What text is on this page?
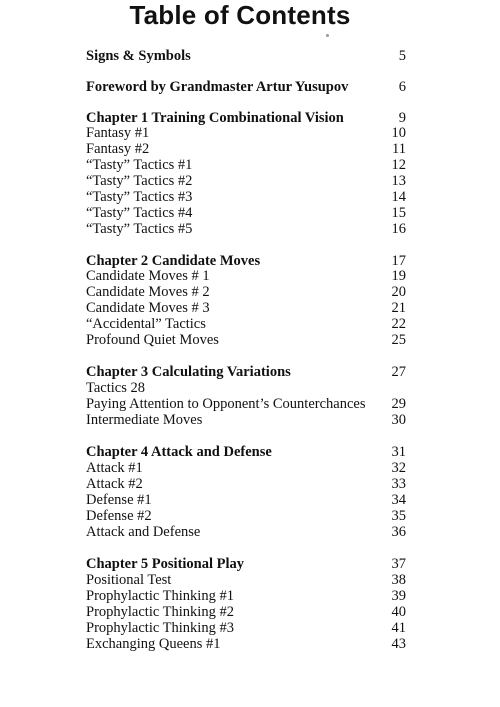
Table of Contents
Signs & Symbols	5
Foreword by Grandmaster Artur Yusupov	6
Chapter 1 Training Combinational Vision	9
Fantasy #1	10
Fantasy #2	11
“Tasty” Tactics #1	12
“Tasty” Tactics #2	13
“Tasty” Tactics #3	14
“Tasty” Tactics #4	15
“Tasty” Tactics #5	16
Chapter 2 Candidate Moves	17
Candidate Moves # 1	19
Candidate Moves # 2	20
Candidate Moves # 3	21
“Accidental” Tactics	22
Profound Quiet Moves	25
Chapter 3 Calculating Variations	27
Tactics 28
Paying Attention to Opponent’s Counterchances 29
Intermediate Moves	30
Chapter 4 Attack and Defense	31
Attack #1	32
Attack #2	33
Defense #1	34
Defense #2	35
Attack and Defense	36
Chapter 5 Positional Play	37
Positional Test	38
Prophylactic Thinking #1	39
Prophylactic Thinking #2	40
Prophylactic Thinking #3	41
Exchanging Queens #1	43
